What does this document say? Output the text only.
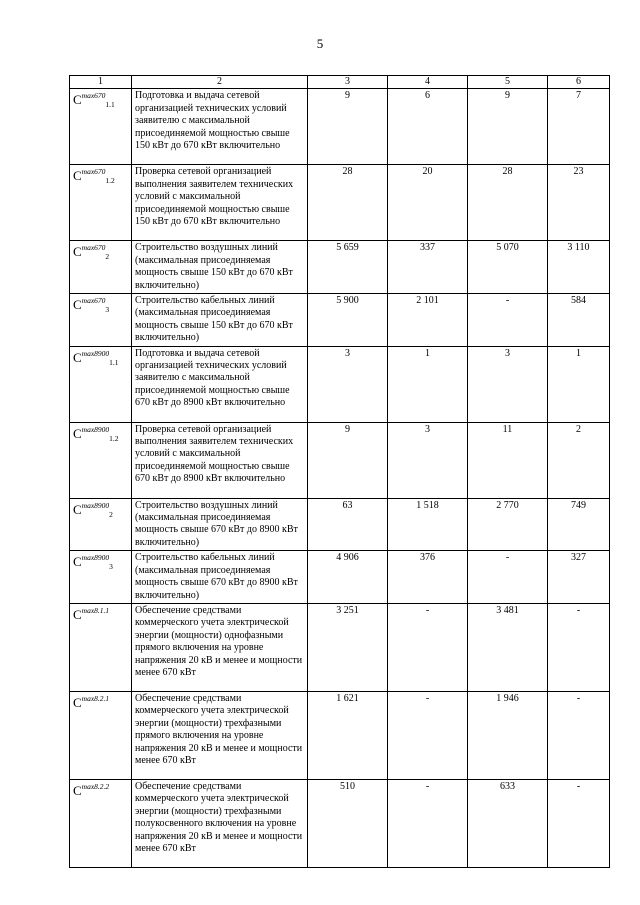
5
1	2	3	4	5	6
$C^{max670}_{1.1}$	Подготовка и выдача сетевой организацией технических условий заявителю с максимальной присоединяемой мощностью свыше 150 кВт до 670 кВт включительно	9	6	9	7
$C^{max670}_{1.2}$	Проверка сетевой организацией выполнения заявителем технических условий с максимальной присоединяемой мощностью свыше 150 кВт до 670 кВт включительно	28	20	28	23
$C^{max670}_2$	Строительство воздушных линий (максимальная присоединяемая мощность свыше 150 кВт до 670 кВт включительно)	5 659	337	5 070	3 110
$C^{max670}_3$	Строительство кабельных линий (максимальная присоединяемая мощность свыше 150 кВт до 670 кВт включительно)	5 900	2 101	-	584
$C^{max8900}_{1.1}$	Подготовка и выдача сетевой организацией технических условий заявителю с максимальной присоединяемой мощностью свыше 670 кВт до 8900 кВт включительно	3	1	3	1
$C^{max8900}_{1.2}$	Проверка сетевой организацией выполнения заявителем технических условий с максимальной присоединяемой мощностью свыше 670 кВт до 8900 кВт включительно	9	3	11	2
$C^{max8900}_2$	Строительство воздушных линий (максимальная присоединяемая мощность свыше 670 кВт до 8900 кВт включительно)	63	1 518	2 770	749
$C^{max8900}_3$	Строительство кабельных линий (максимальная присоединяемая мощность свыше 670 кВт до 8900 кВт включительно)	4 906	376	-	327
$C^{max8.1.1}$	Обеспечение средствами коммерческого учета электрической энергии (мощности) однофазными прямого включения на уровне напряжения 20 кВ и менее и мощности менее 670 кВт	3 251	-	3 481	-
$C^{max8.2.1}$	Обеспечение средствами коммерческого учета электрической энергии (мощности) трехфазными прямого включения на уровне напряжения 20 кВ и менее и мощности менее 670 кВт	1 621	-	1 946	-
$C^{max8.2.2}$	Обеспечение средствами коммерческого учета электрической энергии (мощности) трехфазными полукосвенного включения на уровне напряжения 20 кВ и менее и мощности менее 670 кВт	510	-	633	-
